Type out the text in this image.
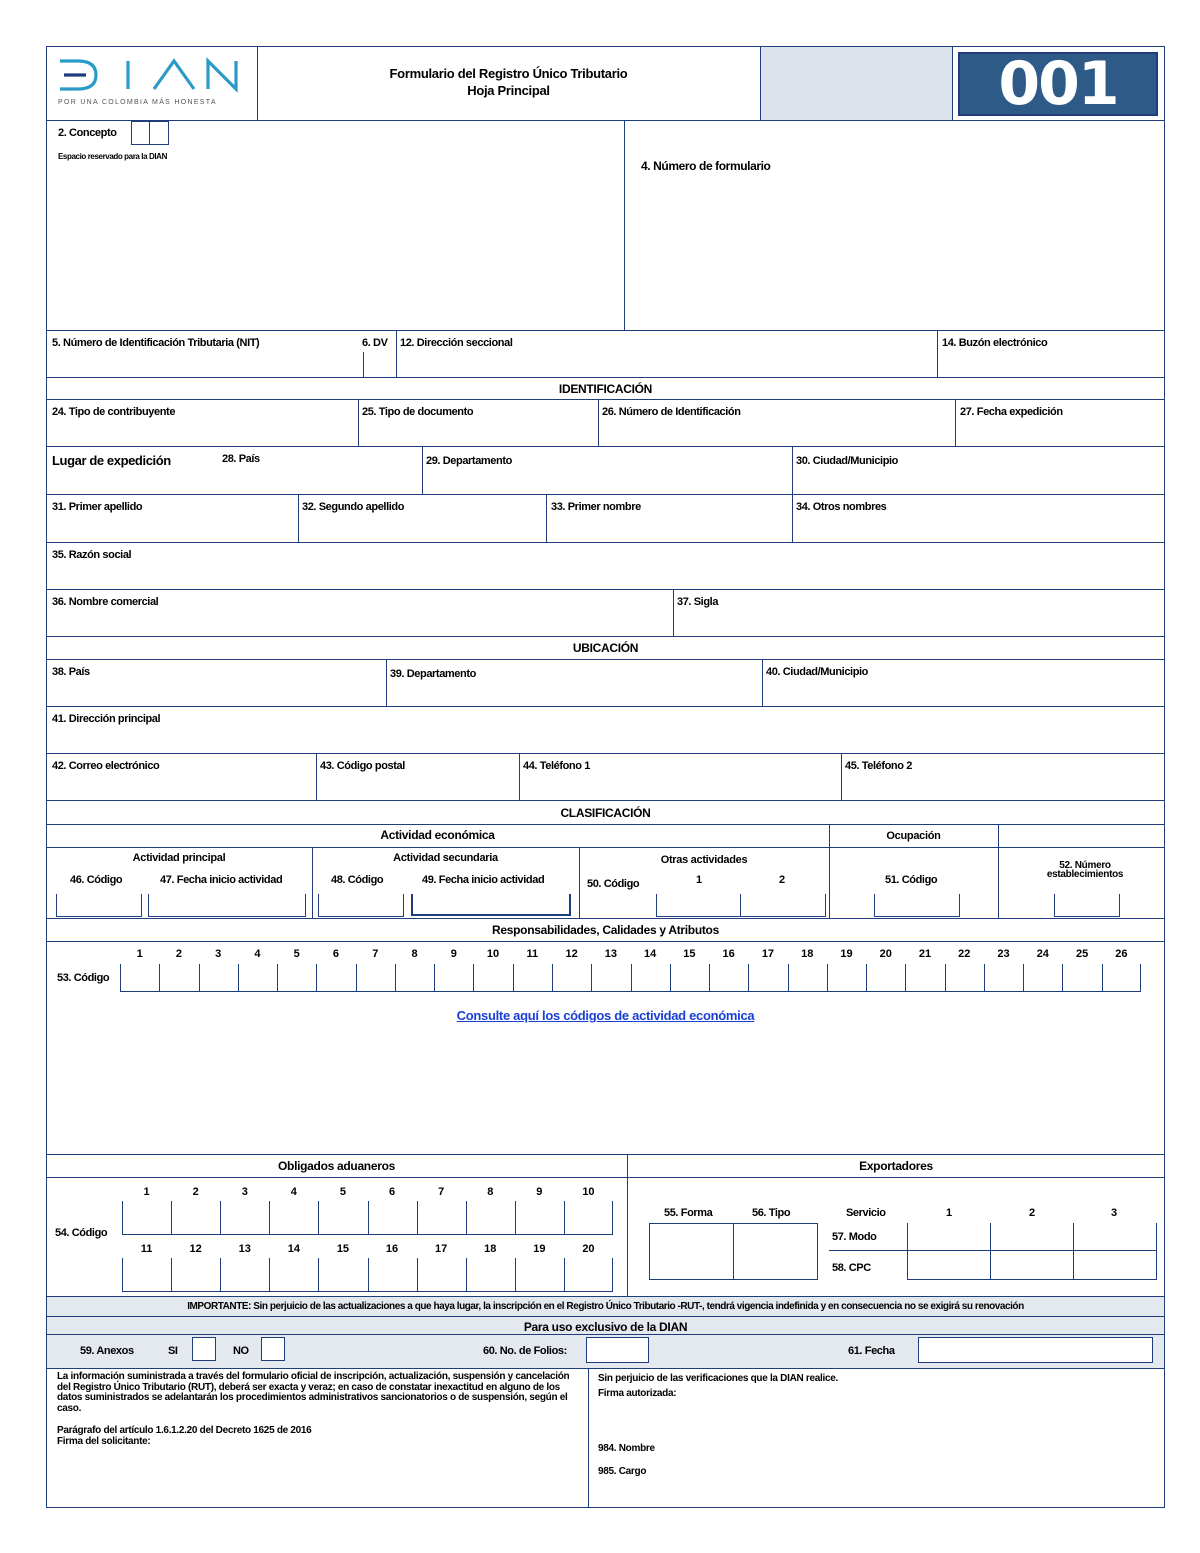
POR UNA COLOMBIA MÁS HONESTA
Formulario del Registro Único Tributario
Hoja Principal	001
2. Concepto
Espacio reservado para la DIAN
4. Número de formulario
5. Número de Identificación Tributaria (NIT)	6. DV 12. Dirección seccional	14. Buzón electrónico
IDENTIFICACIÓN
24. Tipo de contribuyente	25. Tipo de documento	26. Número de Identificación	27. Fecha expedición
Lugar de expedición	28. País	29. Departamento	30. Ciudad/Municipio
31. Primer apellido	32. Segundo apellido	33. Primer nombre	34. Otros nombres
35. Razón social
36. Nombre comercial	37. Sigla
UBICACIÓN
38. País	39. Departamento	40. Ciudad/Municipio
41. Dirección principal
42. Correo electrónico	43. Código postal	44. Teléfono 1	45. Teléfono 2
CLASIFICACIÓN
Actividad económica	Ocupación
Actividad principal
46. Código	47. Fecha inicio actividad
Actividad secundaria
48. Código	49. Fecha inicio actividad
Otras actividades
50. Código	1	2	51. Código
52. Número
establecimientos
Responsabilidades, Calidades y Atributos
53. Código
1	2	3	4	5	6	7	8	9	10	11	12	13	14	15	16	17	18	19	20	21	22	23	24	25	26
Consulte aquí los códigos de actividad económica
Obligados aduaneros	Exportadores
54. Código
1	2	3	4	5	6	7	8	9	10
11	12	13	14	15	16	17	18	19	20
55. Forma	56. Tipo	Servicio	1	2	3
57. Modo
58. CPC
IMPORTANTE: Sin perjuicio de las actualizaciones a que haya lugar, la inscripción en el Registro Único Tributario -RUT-, tendrá vigencia indefinida y en consecuencia no se exigirá su renovación
Para uso exclusivo de la DIAN
59. Anexos	SI	NO	60. No. de Folios:	61. Fecha
La información suministrada a través del formulario oficial de inscripción, actualización, suspensión y cancelación del Registro Único Tributario (RUT), deberá ser exacta y veraz; en caso de constatar inexactitud en alguno de los datos suministrados se adelantarán los procedimientos administrativos sancionatorios o de suspensión, según el caso.
Parágrafo del artículo 1.6.1.2.20 del Decreto 1625 de 2016
Firma del solicitante:
Sin perjuicio de las verificaciones que la DIAN realice.
Firma autorizada:
984. Nombre
985. Cargo
